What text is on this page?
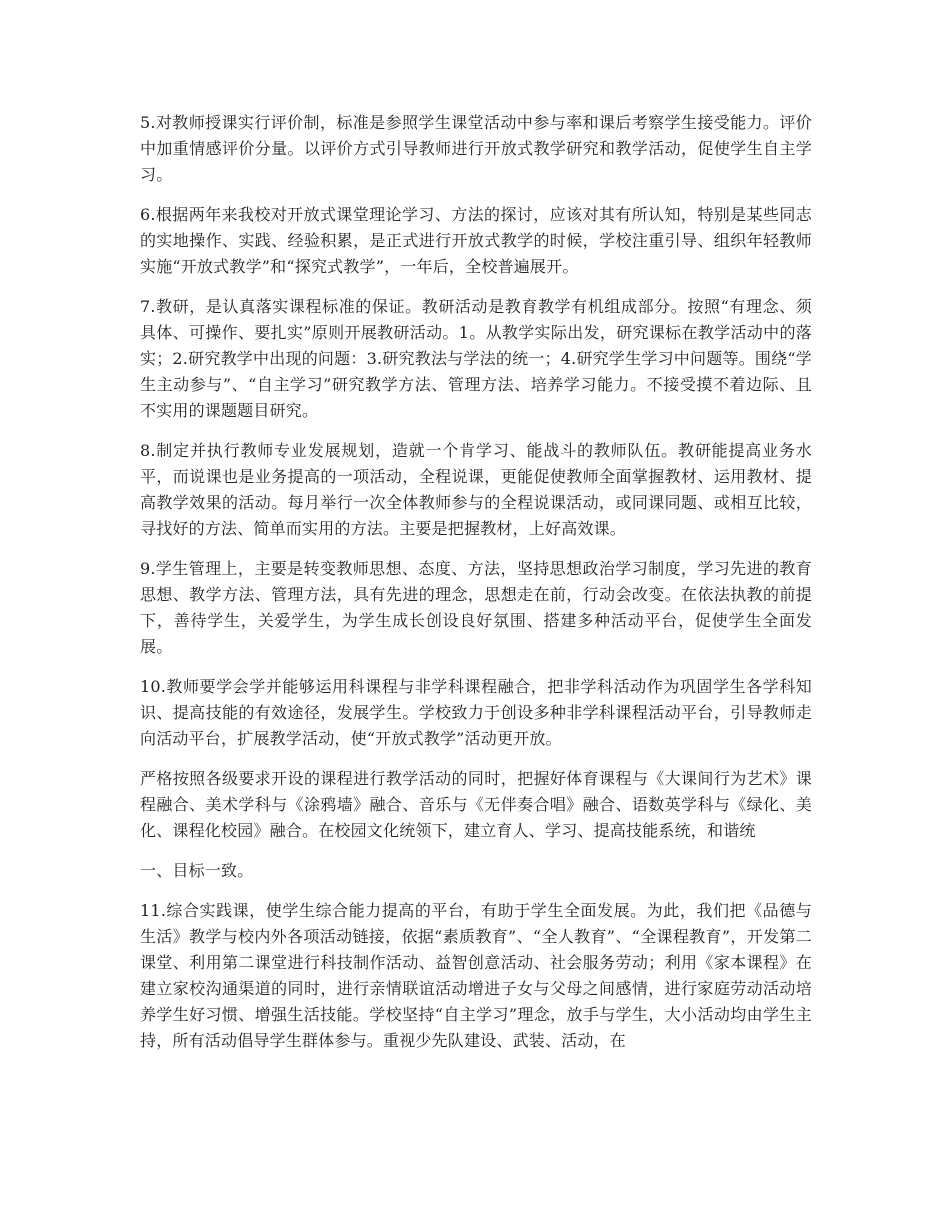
5.对教师授课实行评价制，标准是参照学生课堂活动中参与率和课后考察学生接受能力。评价中加重情感评价分量。以评价方式引导教师进行开放式教学研究和教学活动，促使学生自主学习。

6.根据两年来我校对开放式课堂理论学习、方法的探讨，应该对其有所认知，特别是某些同志的实地操作、实践、经验积累，是正式进行开放式教学的时候，学校注重引导、组织年轻教师实施“开放式教学”和“探究式教学”，一年后，全校普遍展开。

7.教研，是认真落实课程标准的保证。教研活动是教育教学有机组成部分。按照“有理念、须具体、可操作、要扎实”原则开展教研活动。1。从教学实际出发，研究课标在教学活动中的落实；2.研究教学中出现的问题：3.研究教法与学法的统一；4.研究学生学习中问题等。围绕“学生主动参与”、“自主学习”研究教学方法、管理方法、培养学习能力。不接受摸不着边际、且不实用的课题题目研究。

8.制定并执行教师专业发展规划，造就一个肯学习、能战斗的教师队伍。教研能提高业务水平，而说课也是业务提高的一项活动，全程说课，更能促使教师全面掌握教材、运用教材、提高教学效果的活动。每月举行一次全体教师参与的全程说课活动，或同课同题、或相互比较，寻找好的方法、简单而实用的方法。主要是把握教材，上好高效课。

9.学生管理上，主要是转变教师思想、态度、方法，坚持思想政治学习制度，学习先进的教育思想、教学方法、管理方法，具有先进的理念，思想走在前，行动会改变。在依法执教的前提下，善待学生，关爱学生，为学生成长创设良好氛围、搭建多种活动平台，促使学生全面发展。

10.教师要学会学并能够运用科课程与非学科课程融合，把非学科活动作为巩固学生各学科知识、提高技能的有效途径，发展学生。学校致力于创设多种非学科课程活动平台，引导教师走向活动平台，扩展教学活动，使“开放式教学”活动更开放。

严格按照各级要求开设的课程进行教学活动的同时，把握好体育课程与《大课间行为艺术》课程融合、美术学科与《涂鸦墙》融合、音乐与《无伴奏合唱》融合、语数英学科与《绿化、美化、课程化校园》融合。在校园文化统领下，建立育人、学习、提高技能系统，和谐统

一、目标一致。

11.综合实践课，使学生综合能力提高的平台，有助于学生全面发展。为此，我们把《品德与生活》教学与校内外各项活动链接，依据“素质教育”、“全人教育”、“全课程教育”，开发第二课堂、利用第二课堂进行科技制作活动、益智创意活动、社会服务劳动；利用《家本课程》在建立家校沟通渠道的同时，进行亲情联谊活动增进子女与父母之间感情，进行家庭劳动活动培养学生好习惯、增强生活技能。学校坚持“自主学习”理念，放手与学生，大小活动均由学生主持，所有活动倡导学生群体参与。重视少先队建设、武装、活动，在
